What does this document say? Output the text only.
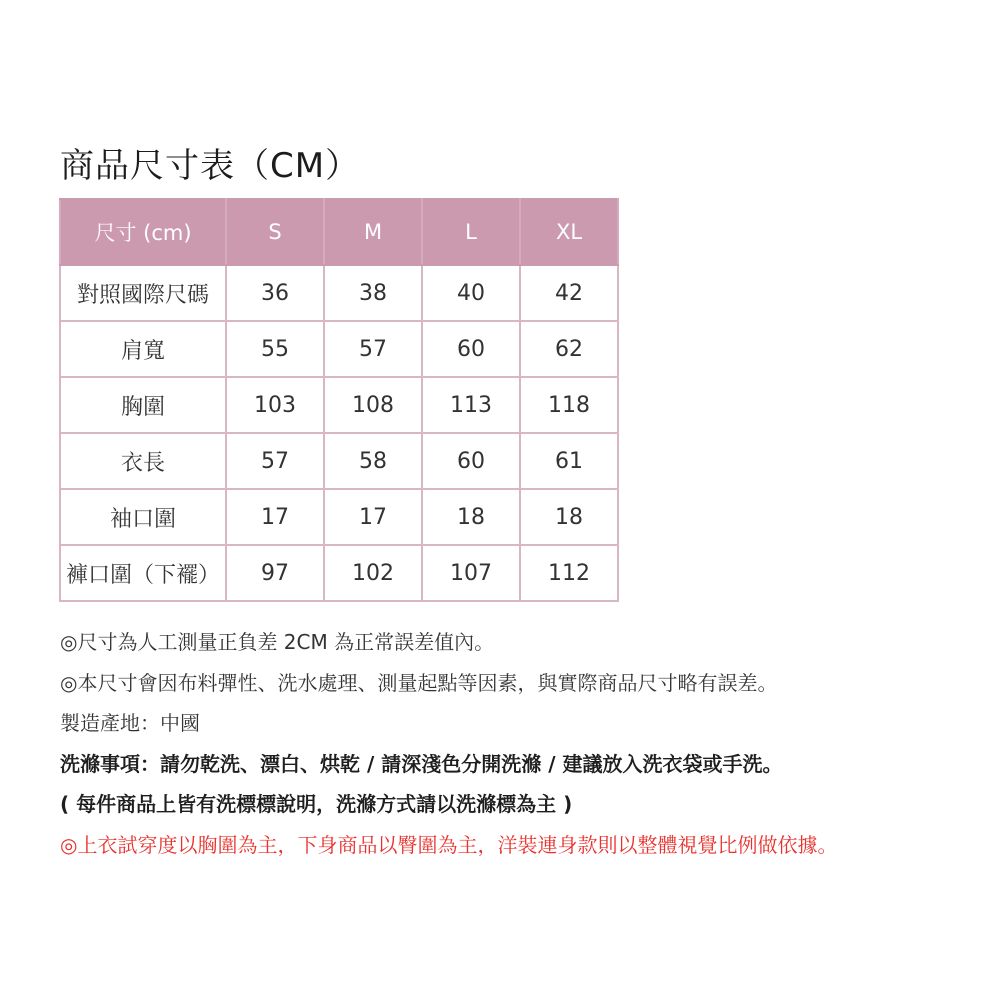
商品尺寸表（CM）
尺寸 (cm)	S	M	L	XL
對照國際尺碼	36	38	40	42
肩寬	55	57	60	62
胸圍	103	108	113	118
衣長	57	58	60	61
袖口圍	17	17	18	18
褲口圍（下襬）	97	102	107	112
◎尺寸為人工測量正負差 2CM 為正常誤差值內。
◎本尺寸會因布料彈性、洗水處理、測量起點等因素，與實際商品尺寸略有誤差。
製造產地：中國
洗滌事項：請勿乾洗、漂白、烘乾 / 請深淺色分開洗滌 / 建議放入洗衣袋或手洗。
( 每件商品上皆有洗標標說明，洗滌方式請以洗滌標為主 )
◎上衣試穿度以胸圍為主，下身商品以臀圍為主，洋裝連身款則以整體視覺比例做依據。
